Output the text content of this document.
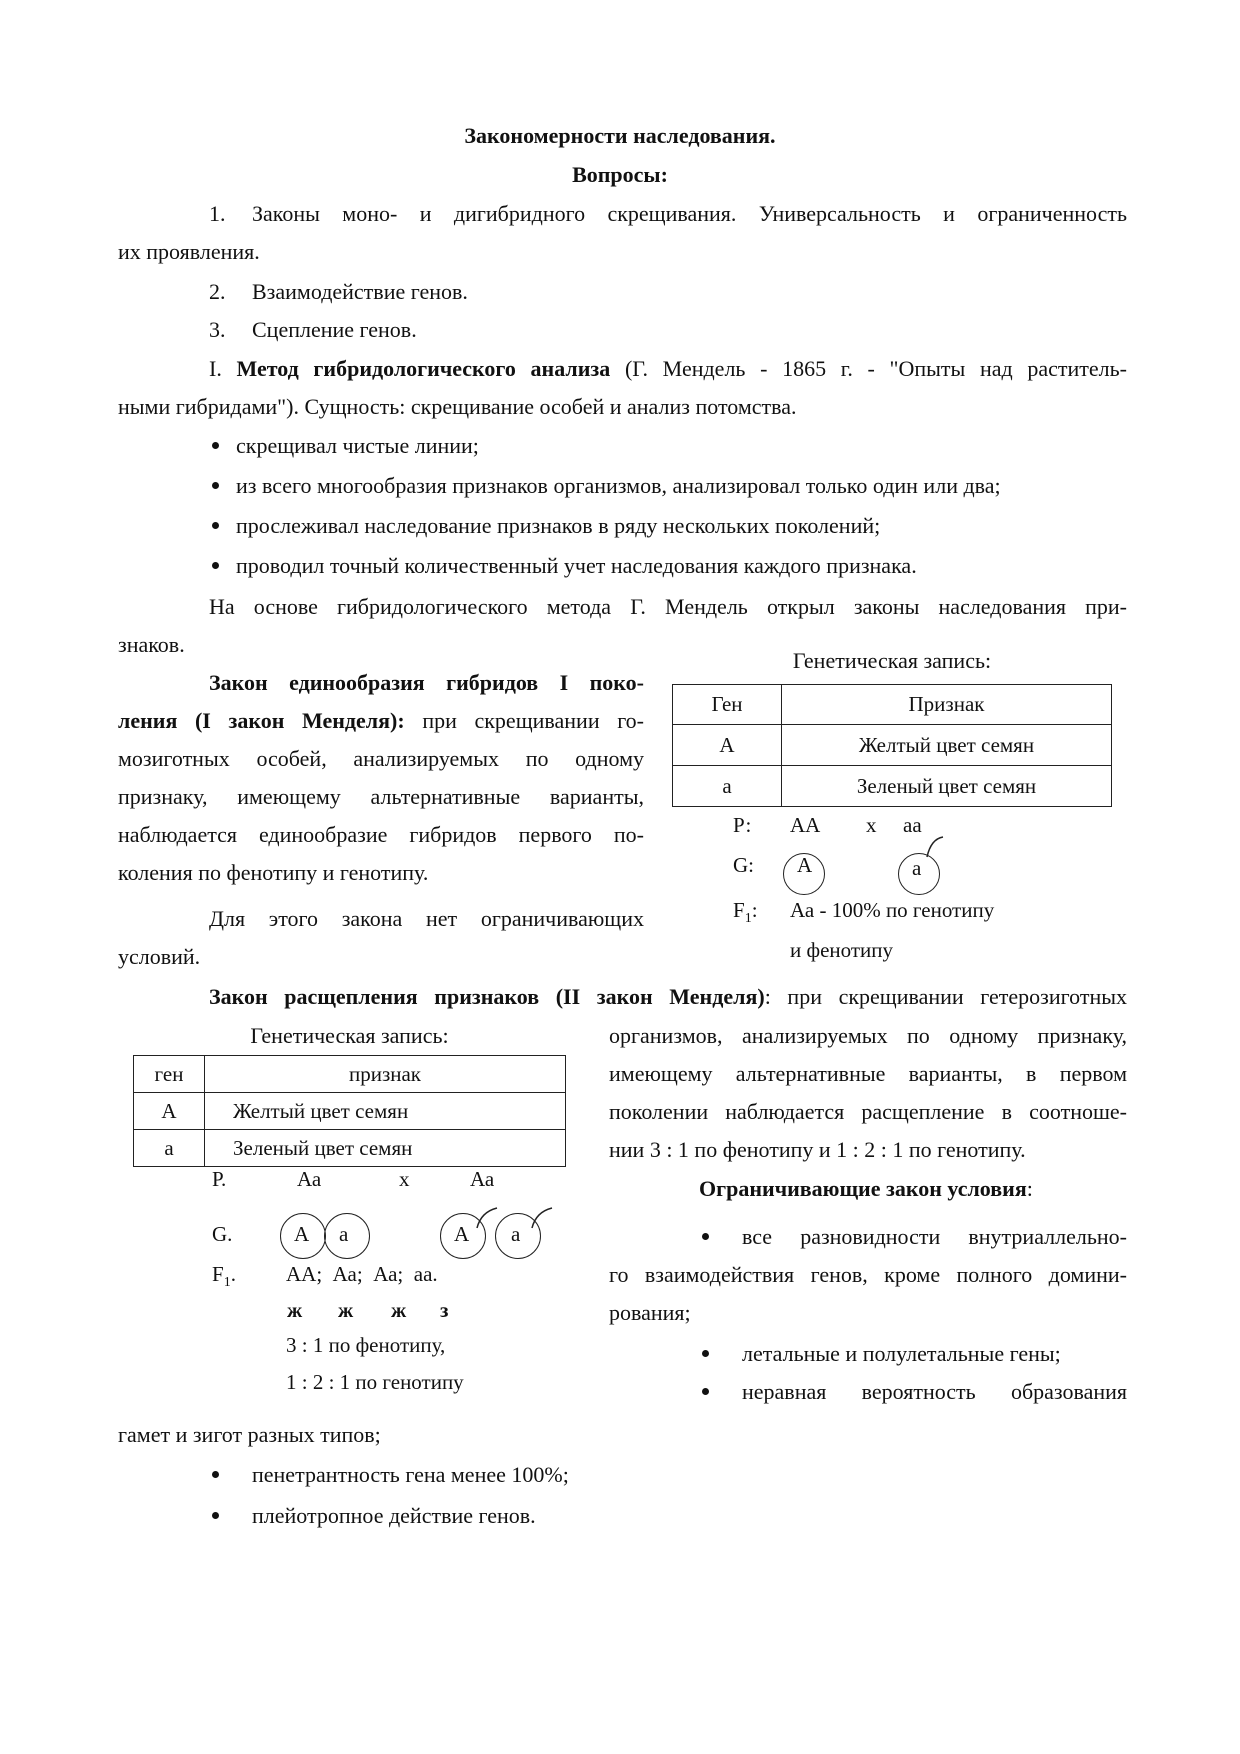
Закономерности наследования.
Вопросы:
1. Законы моно- и дигибридного скрещивания. Универсальность и ограниченность
их проявления.
2. Взаимодействие генов.
3. Сцепление генов.
I. Метод гибридологического анализа (Г. Мендель - 1865 г. - "Опыты над раститель-
ными гибридами"). Сущность: скрещивание особей и анализ потомства.
скрещивал чистые линии;
из всего многообразия признаков организмов, анализировал только один или два;
прослеживал наследование признаков в ряду нескольких поколений;
проводил точный количественный учет наследования каждого признака.
На основе гибридологического метода Г. Мендель открыл законы наследования при-
знаков.
Закон единообразия гибридов I поко-
ления (I закон Менделя): при скрещивании го-
мозиготных особей, анализируемых по одному
признаку, имеющему альтернативные варианты,
наблюдается единообразие гибридов первого по-
коления по фенотипу и генотипу.
Для этого закона нет ограничивающих
условий.
Генетическая запись:
Ген	Признак
А	Желтый цвет семян
а	Зеленый цвет семян
Р: АА х аа
G: А	а
$F_1$: Аа - 100% по генотипу
и фенотипу
Закон расщепления признаков (II закон Менделя): при скрещивании гетерозиготных
организмов, анализируемых по одному признаку,
имеющему альтернативные варианты, в первом
поколении наблюдается расщепление в соотноше-
нии 3 : 1 по фенотипу и 1 : 2 : 1 по генотипу.
Генетическая запись:
ген	признак
А	Желтый цвет семян
а	Зеленый цвет семян
Р.	Аа	х	Аа
G.	А а	А а
$F_1$. АА;  Аа;  Аа;  аа.
ж ж ж з
3 : 1 по фенотипу,
1 : 2 : 1 по генотипу
Ограничивающие закон условия:
все разновидности внутриаллельно-
го взаимодействия генов, кроме полного домини-
рования;
летальные и полулетальные гены;
неравная вероятность образования
гамет и зигот разных типов;
пенетрантность гена менее 100%;
плейотропное действие генов.
